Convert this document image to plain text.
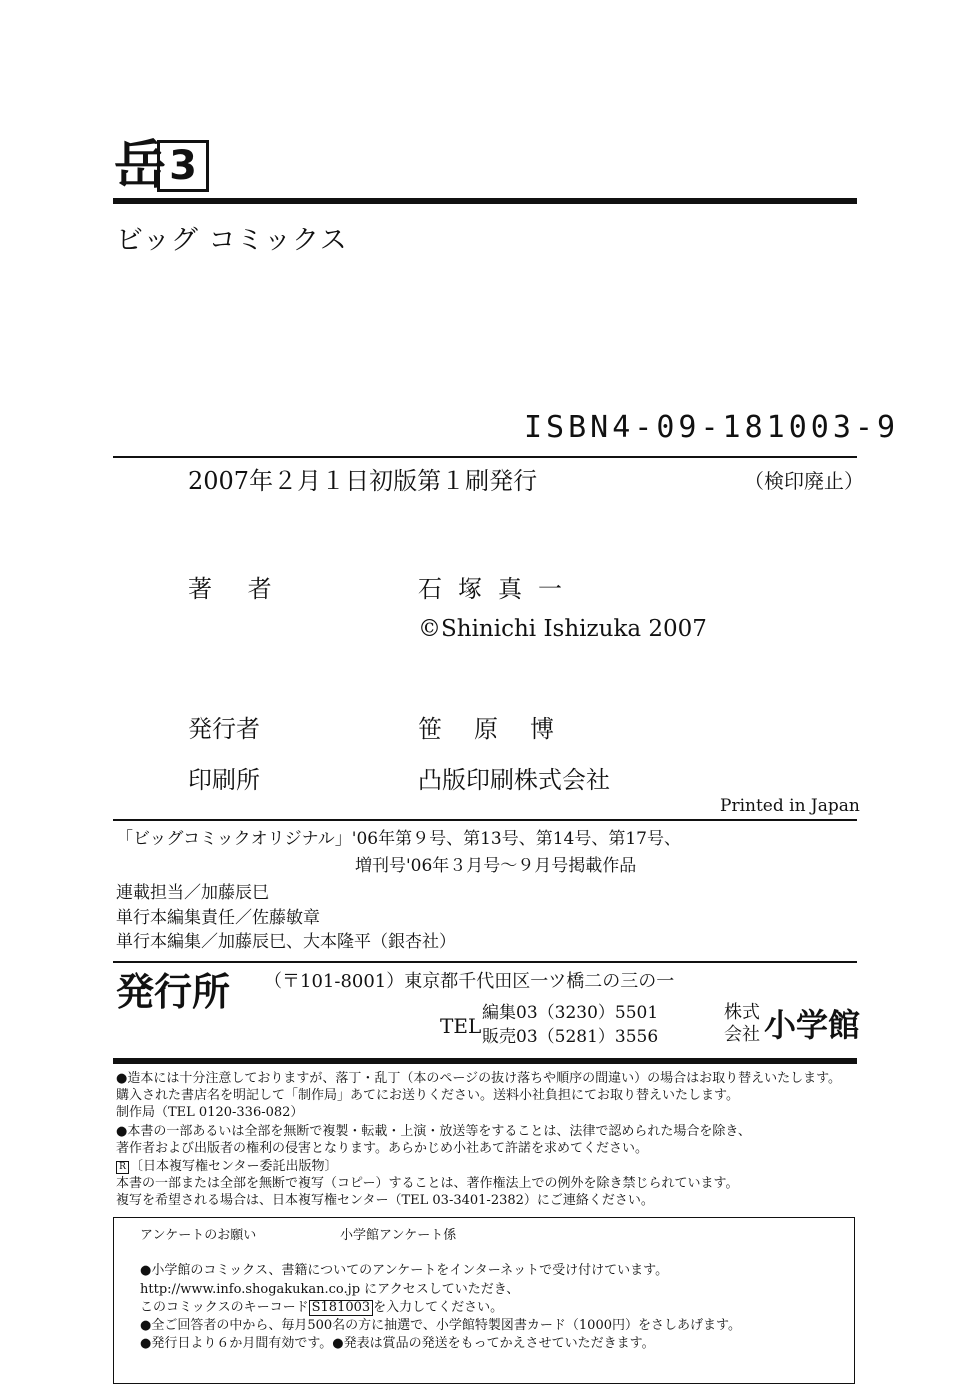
岳 3
ビッグ コミックス
ISBN4-09-181003-9
2007年２月１日初版第１刷発行	（検印廃止）
著 者	石塚真一
©Shinichi Ishizuka 2007
発行者	笹原博
印刷所	凸版印刷株式会社
Printed in Japan
「ビッグコミックオリジナル」'06年第９号、第13号、第14号、第17号、
増刊号'06年３月号～９月号掲載作品
連載担当／加藤辰巳
単行本編集責任／佐藤敏章
単行本編集／加藤辰巳、大本隆平（銀杏社）
発行所 （〒101-8001）東京都千代田区一ツ橋二の三の一
TEL
編集03（3230）5501
販売03（5281）3556
株式
会社 小学館
●造本には十分注意しておりますが、落丁・乱丁（本のページの抜け落ちや順序の間違い）の場合はお取り替えいたします。
購入された書店名を明記して「制作局」あてにお送りください。送料小社負担にてお取り替えいたします。
制作局（TEL 0120-336-082）
●本書の一部あるいは全部を無断で複製・転載・上演・放送等をすることは、法律で認められた場合を除き、
著作者および出版者の権利の侵害となります。あらかじめ小社あて許諾を求めてください。
R 〔日本複写権センター委託出版物〕
本書の一部または全部を無断で複写（コピー）することは、著作権法上での例外を除き禁じられています。
複写を希望される場合は、日本複写権センター（TEL 03-3401-2382）にご連絡ください。
アンケートのお願い	小学館アンケート係
●小学館のコミックス、書籍についてのアンケートをインターネットで受け付けています。
http://www.info.shogakukan.co.jp にアクセスしていただき、
このコミックスのキーコード S181003 を入力してください。
●全ご回答者の中から、毎月500名の方に抽選で、小学館特製図書カード（1000円）をさしあげます。
●発行日より６か月間有効です。●発表は賞品の発送をもってかえさせていただきます。
